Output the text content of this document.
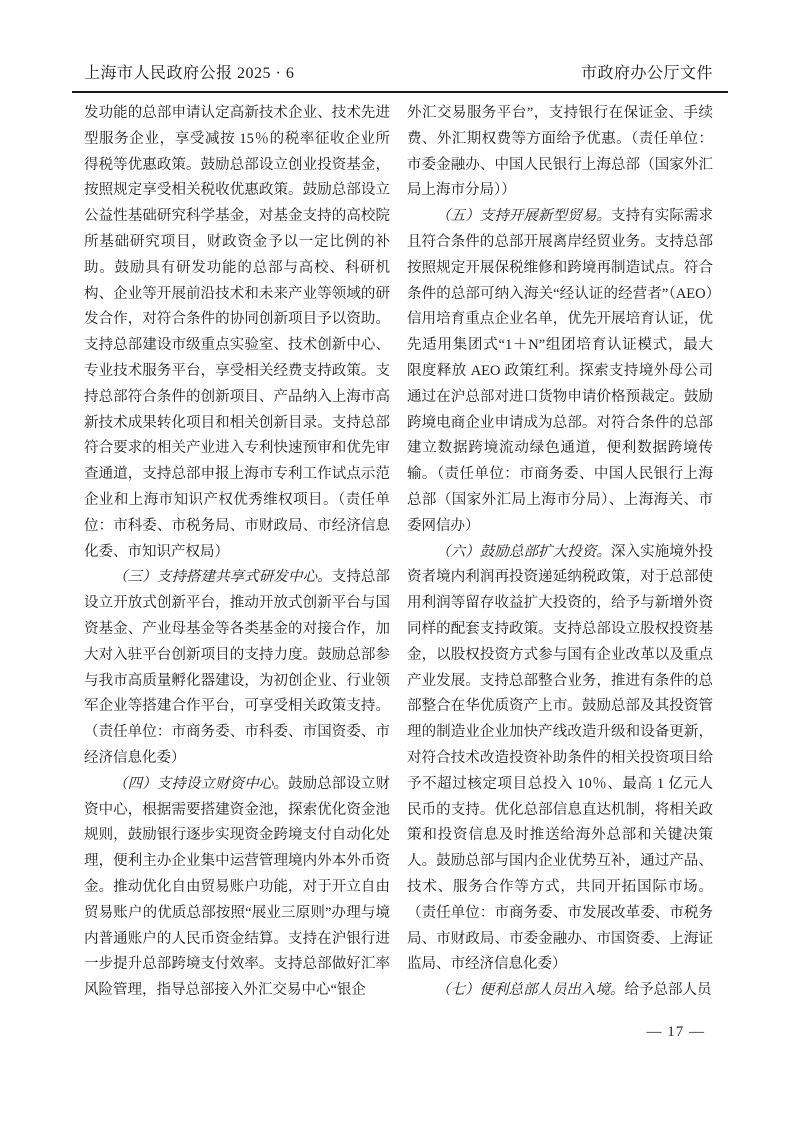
上海市人民政府公报 2025 · 6	市政府办公厅文件
发功能的总部申请认定高新技术企业、技术先进型服务企业，享受减按 15％的税率征收企业所得税等优惠政策。鼓励总部设立创业投资基金，按照规定享受相关税收优惠政策。鼓励总部设立公益性基础研究科学基金，对基金支持的高校院所基础研究项目，财政资金予以一定比例的补助。鼓励具有研发功能的总部与高校、科研机构、企业等开展前沿技术和未来产业等领域的研发合作，对符合条件的协同创新项目予以资助。支持总部建设市级重点实验室、技术创新中心、专业技术服务平台，享受相关经费支持政策。支持总部符合条件的创新项目、产品纳入上海市高新技术成果转化项目和相关创新目录。支持总部符合要求的相关产业进入专利快速预审和优先审查通道，支持总部申报上海市专利工作试点示范企业和上海市知识产权优秀维权项目。（责任单位：市科委、市税务局、市财政局、市经济信息化委、市知识产权局）
（三）支持搭建共享式研发中心。支持总部设立开放式创新平台，推动开放式创新平台与国资基金、产业母基金等各类基金的对接合作，加大对入驻平台创新项目的支持力度。鼓励总部参与我市高质量孵化器建设，为初创企业、行业领军企业等搭建合作平台，可享受相关政策支持。（责任单位：市商务委、市科委、市国资委、市经济信息化委）
（四）支持设立财资中心。鼓励总部设立财资中心，根据需要搭建资金池，探索优化资金池规则，鼓励银行逐步实现资金跨境支付自动化处理，便利主办企业集中运营管理境内外本外币资金。推动优化自由贸易账户功能，对于开立自由贸易账户的优质总部按照“展业三原则”办理与境内普通账户的人民币资金结算。支持在沪银行进一步提升总部跨境支付效率。支持总部做好汇率风险管理，指导总部接入外汇交易中心“银企
外汇交易服务平台”，支持银行在保证金、手续费、外汇期权费等方面给予优惠。（责任单位：市委金融办、中国人民银行上海总部（国家外汇局上海市分局））
（五）支持开展新型贸易。支持有实际需求且符合条件的总部开展离岸经贸业务。支持总部按照规定开展保税维修和跨境再制造试点。符合条件的总部可纳入海关“经认证的经营者”（AEO）信用培育重点企业名单，优先开展培育认证，优先适用集团式“1＋N”组团培育认证模式，最大限度释放 AEO 政策红利。探索支持境外母公司通过在沪总部对进口货物申请价格预裁定。鼓励跨境电商企业申请成为总部。对符合条件的总部建立数据跨境流动绿色通道，便利数据跨境传输。（责任单位：市商务委、中国人民银行上海总部（国家外汇局上海市分局）、上海海关、市委网信办）
（六）鼓励总部扩大投资。深入实施境外投资者境内利润再投资递延纳税政策，对于总部使用利润等留存收益扩大投资的，给予与新增外资同样的配套支持政策。支持总部设立股权投资基金，以股权投资方式参与国有企业改革以及重点产业发展。支持总部整合业务，推进有条件的总部整合在华优质资产上市。鼓励总部及其投资管理的制造业企业加快产线改造升级和设备更新，对符合技术改造投资补助条件的相关投资项目给予不超过核定项目总投入 10％、最高 1 亿元人民币的支持。优化总部信息直达机制，将相关政策和投资信息及时推送给海外总部和关键决策人。鼓励总部与国内企业优势互补，通过产品、技术、服务合作等方式，共同开拓国际市场。（责任单位：市商务委、市发展改革委、市税务局、市财政局、市委金融办、市国资委、上海证监局、市经济信息化委）
（七）便利总部人员出入境。给予总部人员
— 17 —
